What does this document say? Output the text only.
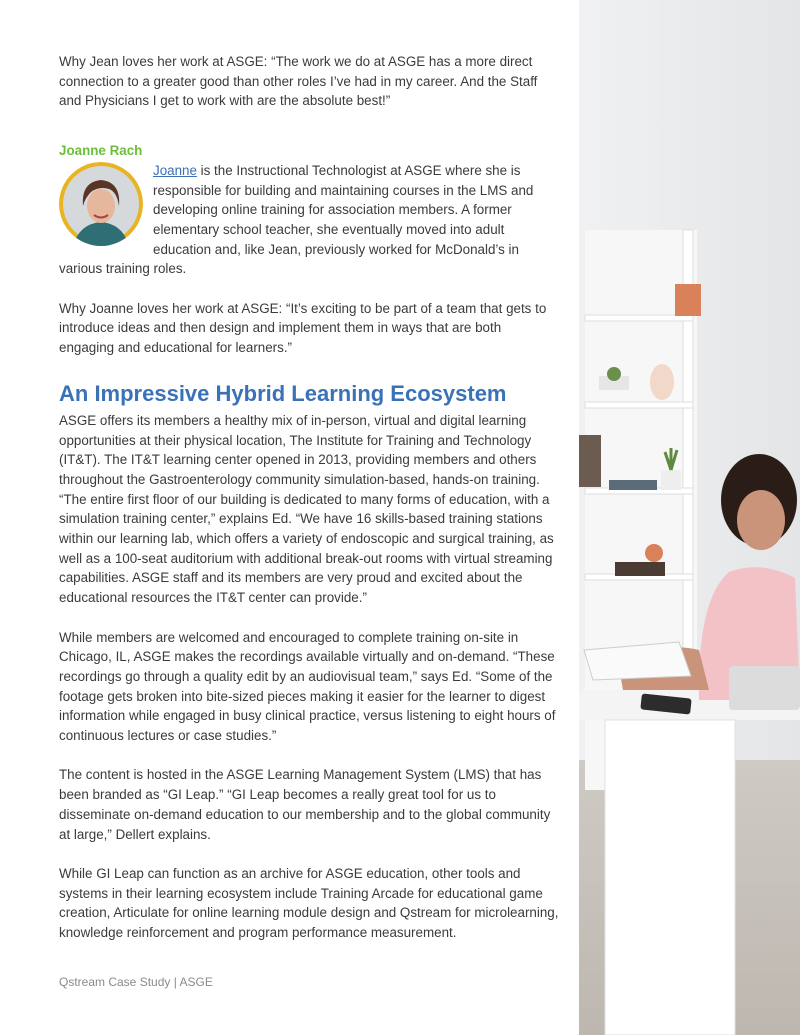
Why Jean loves her work at ASGE: “The work we do at ASGE has a more direct connection to a greater good than other roles I’ve had in my career. And the Staff and Physicians I get to work with are the absolute best!”

Joanne Rach

Joanne is the Instructional Technologist at ASGE where she is responsible for building and maintaining courses in the LMS and developing online training for association members. A former elementary school teacher, she eventually moved into adult education and, like Jean, previously worked for McDonald’s in various training roles.

Why Joanne loves her work at ASGE: “It’s exciting to be part of a team that gets to introduce ideas and then design and implement them in ways that are both engaging and educational for learners.”

An Impressive Hybrid Learning Ecosystem

ASGE offers its members a healthy mix of in-person, virtual and digital learning opportunities at their physical location, The Institute for Training and Technology (IT&T). The IT&T learning center opened in 2013, providing members and others throughout the Gastroenterology community simulation-based, hands-on training. “The entire first floor of our building is dedicated to many forms of education, with a simulation training center,” explains Ed. “We have 16 skills-based training stations within our learning lab, which offers a variety of endoscopic and surgical training, as well as a 100-seat auditorium with additional break-out rooms with virtual streaming capabilities. ASGE staff and its members are very proud and excited about the educational resources the IT&T center can provide.”

While members are welcomed and encouraged to complete training on-site in Chicago, IL, ASGE makes the recordings available virtually and on-demand. “These recordings go through a quality edit by an audiovisual team,” says Ed. “Some of the footage gets broken into bite-sized pieces making it easier for the learner to digest information while engaged in busy clinical practice, versus listening to eight hours of continuous lectures or case studies.”

The content is hosted in the ASGE Learning Management System (LMS) that has been branded as “GI Leap.” “GI Leap becomes a really great tool for us to disseminate on-demand education to our membership and to the global community at large,” Dellert explains.

While GI Leap can function as an archive for ASGE education, other tools and systems in their learning ecosystem include Training Arcade for educational game creation, Articulate for online learning module design and Qstream for microlearning, knowledge reinforcement and program performance measurement.

Qstream Case Study | ASGE
